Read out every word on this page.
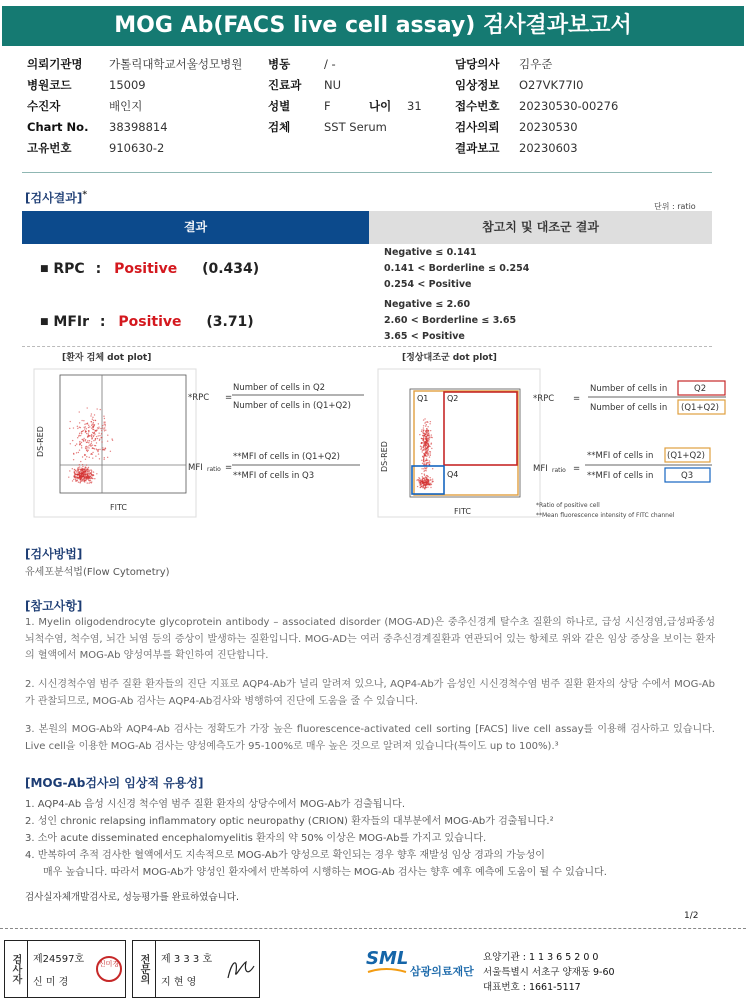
MOG Ab(FACS live cell assay) 검사결과보고서
의뢰기관명 가톨릭대학교서울성모병원
병원코드	15009
수진자	배인지
Chart No. 38398814
고유번호	910630-2
병동	/ -
진료과 NU
성별	F	나이 31
검체	SST Serum
담당의사 김우준
임상정보 O27VK77I0
접수번호 20230530-00276
검사의뢰 20230530
결과보고 20230603
[검사결과]*
단위 : ratio
결과	참고치 및 대조군 결과
■ RPC : Positive (0.434)
Negative ≤ 0.141
0.141 < Borderline ≤ 0.254
0.254 < Positive
■ MFIr : Positive (3.71)
Negative ≤ 2.60
2.60 < Borderline ≤ 3.65
3.65 < Positive
[환자 검체 dot plot]
DS-RED
FITC
*RPC =
Number of cells in Q2
Number of cells in (Q1+Q2)
MFI ratio =
**MFI of cells in (Q1+Q2)
**MFI of cells in Q3
[정상대조군 dot plot]
Q1 Q2
Q4
DS-RED
FITC
*RPC =
Number of cells in	Q2
Number of cells in (Q1+Q2)
MFI ratio =
**MFI of cells in (Q1+Q2)
**MFI of cells in	Q3
*Ratio of positive cell
**Mean fluorescence intensity of FITC channel
[검사방법]
유세포분석법(Flow Cytometry)
[참고사항]
1. Myelin oligodendrocyte glycoprotein antibody – associated disorder (MOG-AD)은 중추신경계 탈수초 질환의 하나로, 급성 시신경염,급성파종성 뇌척수염, 척수염, 뇌간 뇌염 등의 증상이 발생하는 질환입니다. MOG-AD는 여러 중추신경계질환과 연관되어 있는 항체로 위와 같은 임상 증상을 보이는 환자의 혈액에서 MOG-Ab 양성여부를 확인하여 진단합니다.
2. 시신경척수염 범주 질환 환자들의 진단 지표로 AQP4-Ab가 널리 알려져 있으나, AQP4-Ab가 음성인 시신경척수염 범주 질환 환자의 상당 수에서 MOG-Ab가 관찰되므로, MOG-Ab 검사는 AQP4-Ab검사와 병행하여 진단에 도움을 줄 수 있습니다.
3. 본원의 MOG-Ab와 AQP4-Ab 검사는 정확도가 가장 높은 fluorescence-activated cell sorting [FACS] live cell assay를 이용해 검사하고 있습니다. Live cell을 이용한 MOG-Ab 검사는 양성예측도가 95-100%로 매우 높은 것으로 알려져 있습니다(특이도 up to 100%).³
[MOG-Ab검사의 임상적 유용성]
1. AQP4-Ab 음성 시신경 척수염 범주 질환 환자의 상당수에서 MOG-Ab가 검출됩니다.
2. 성인 chronic relapsing inflammatory optic neuropathy (CRION) 환자들의 대부분에서 MOG-Ab가 검출됩니다.²
3. 소아 acute disseminated encephalomyelitis 환자의 약 50% 이상은 MOG-Ab를 가지고 있습니다.
4. 반복하여 추적 검사한 혈액에서도 지속적으로 MOG-Ab가 양성으로 확인되는 경우 향후 재발성 임상 경과의 가능성이
매우 높습니다. 따라서 MOG-Ab가 양성인 환자에서 반복하여 시행하는 MOG-Ab 검사는 향후 예후 예측에 도움이 될 수 있습니다.
검사실자체개발검사로, 성능평가를 완료하였습니다.
1/2
검사자	제24597호
신 미 경
신미경	전문의	제 3 3 3 호
지 현 영
SML
삼광의료재단
요양기관 : 1 1 3 6 5 2 0 0
서울특별시 서초구 양재동 9-60
대표번호 : 1661-5117
